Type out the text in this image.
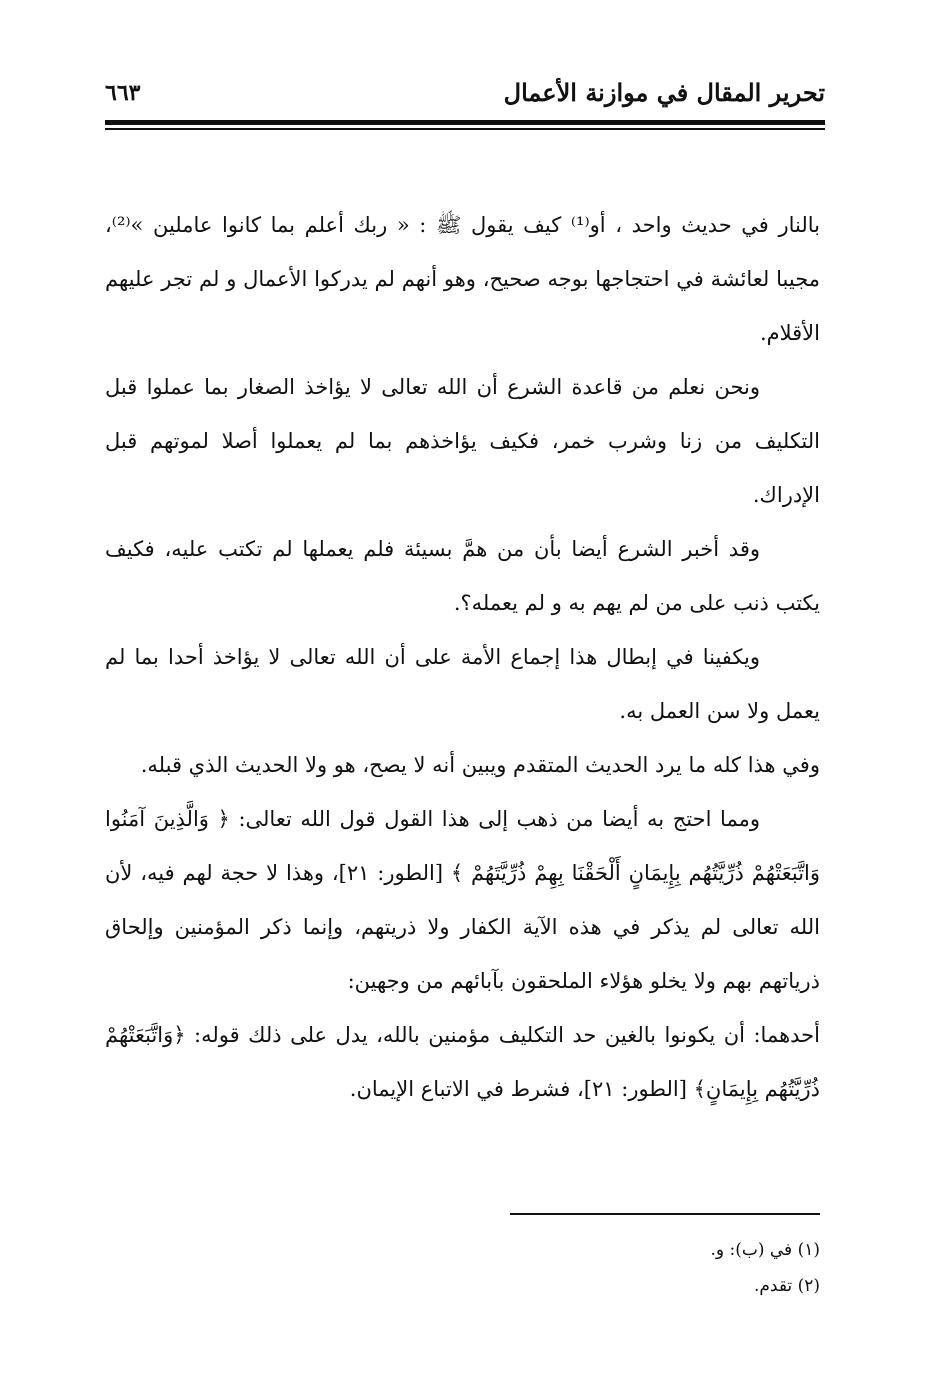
تحرير المقال في موازنة الأعمال
٦٦٣

بالنار في حديث واحد ، أو⁽¹⁾ كيف يقول ﷺ : « ربك أعلم بما كانوا عاملين »⁽²⁾، مجيبا لعائشة في احتجاجها بوجه صحيح، وهو أنهم لم يدركوا الأعمال و لم تجر عليهم الأقلام.

ونحن نعلم من قاعدة الشرع أن الله تعالى لا يؤاخذ الصغار بما عملوا قبل التكليف من زنا وشرب خمر، فكيف يؤاخذهم بما لم يعملوا أصلا لموتهم قبل الإدراك.

وقد أخبر الشرع أيضا بأن من همَّ بسيئة فلم يعملها لم تكتب عليه، فكيف يكتب ذنب على من لم يهم به و لم يعمله؟.

ويكفينا في إبطال هذا إجماع الأمة على أن الله تعالى لا يؤاخذ أحدا بما لم يعمل ولا سن العمل به.

وفي هذا كله ما يرد الحديث المتقدم ويبين أنه لا يصح، هو ولا الحديث الذي قبله.

ومما احتج به أيضا من ذهب إلى هذا القول قول الله تعالى: ﴿ وَالَّذِينَ آمَنُوا وَاتَّبَعَتْهُمْ ذُرِّيَّتُهُم بِإِيمَانٍ أَلْحَقْنَا بِهِمْ ذُرِّيَّتَهُمْ ﴾ [الطور: ٢١]، وهذا لا حجة لهم فيه، لأن الله تعالى لم يذكر في هذه الآية الكفار ولا ذريتهم، وإنما ذكر المؤمنين وإلحاق ذرياتهم بهم ولا يخلو هؤلاء الملحقون بآبائهم من وجهين:

أحدهما: أن يكونوا بالغين حد التكليف مؤمنين بالله، يدل على ذلك قوله: ﴿وَاتَّبَعَتْهُمْ ذُرِّيَّتُهُم بِإِيمَانٍ﴾ [الطور: ٢١]، فشرط في الاتباع الإيمان.

(١) في (ب): و.
(٢) تقدم.
